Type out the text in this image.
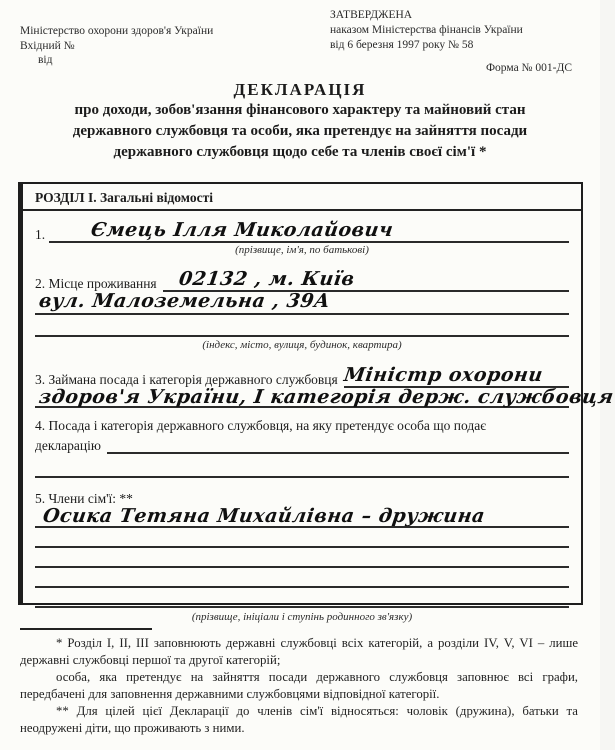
Міністерство охорони здоров'я України
Вхідний №
від
ЗАТВЕРДЖЕНА
наказом Міністерства фінансів України
від 6 березня 1997 року № 58
Форма № 001-ДС
ДЕКЛАРАЦІЯ
про доходи, зобов'язання фінансового характеру та майновий стан
державного службовця та особи, яка претендує на зайняття посади
державного службовця щодо себе та членів своєї сім'ї *
РОЗДІЛ І. Загальні відомості
1.	Ємець Ілля Миколайович
(прізвище, ім'я, по батькові)
2. Місце проживання	02132 , м. Київ
вул. Малоземельна , 39А
(індекс, місто, вулиця, будинок, квартира)
3. Займана посада і категорія державного службовця Міністр охорони
здоров'я України, І категорія держ. службовця
4. Посада і категорія державного службовця, на яку претендує особа що подає
декларацію
5. Члени сім'ї: **
Осика Тетяна Михайлівна – дружина
(прізвище, ініціали і ступінь родинного зв'язку)

* Розділ І, ІІ, ІІІ заповнюють державні службовці всіх категорій, а розділи IV, V, VI – лише державні службовці першої та другої категорій;

особа, яка претендує на зайняття посади державного службовця заповнює всі графи, передбачені для заповнення державними службовцями відповідної категорії.

** Для цілей цієї Декларації до членів сім'ї відносяться: чоловік (дружина), батьки та неодружені діти, що проживають з ними.
